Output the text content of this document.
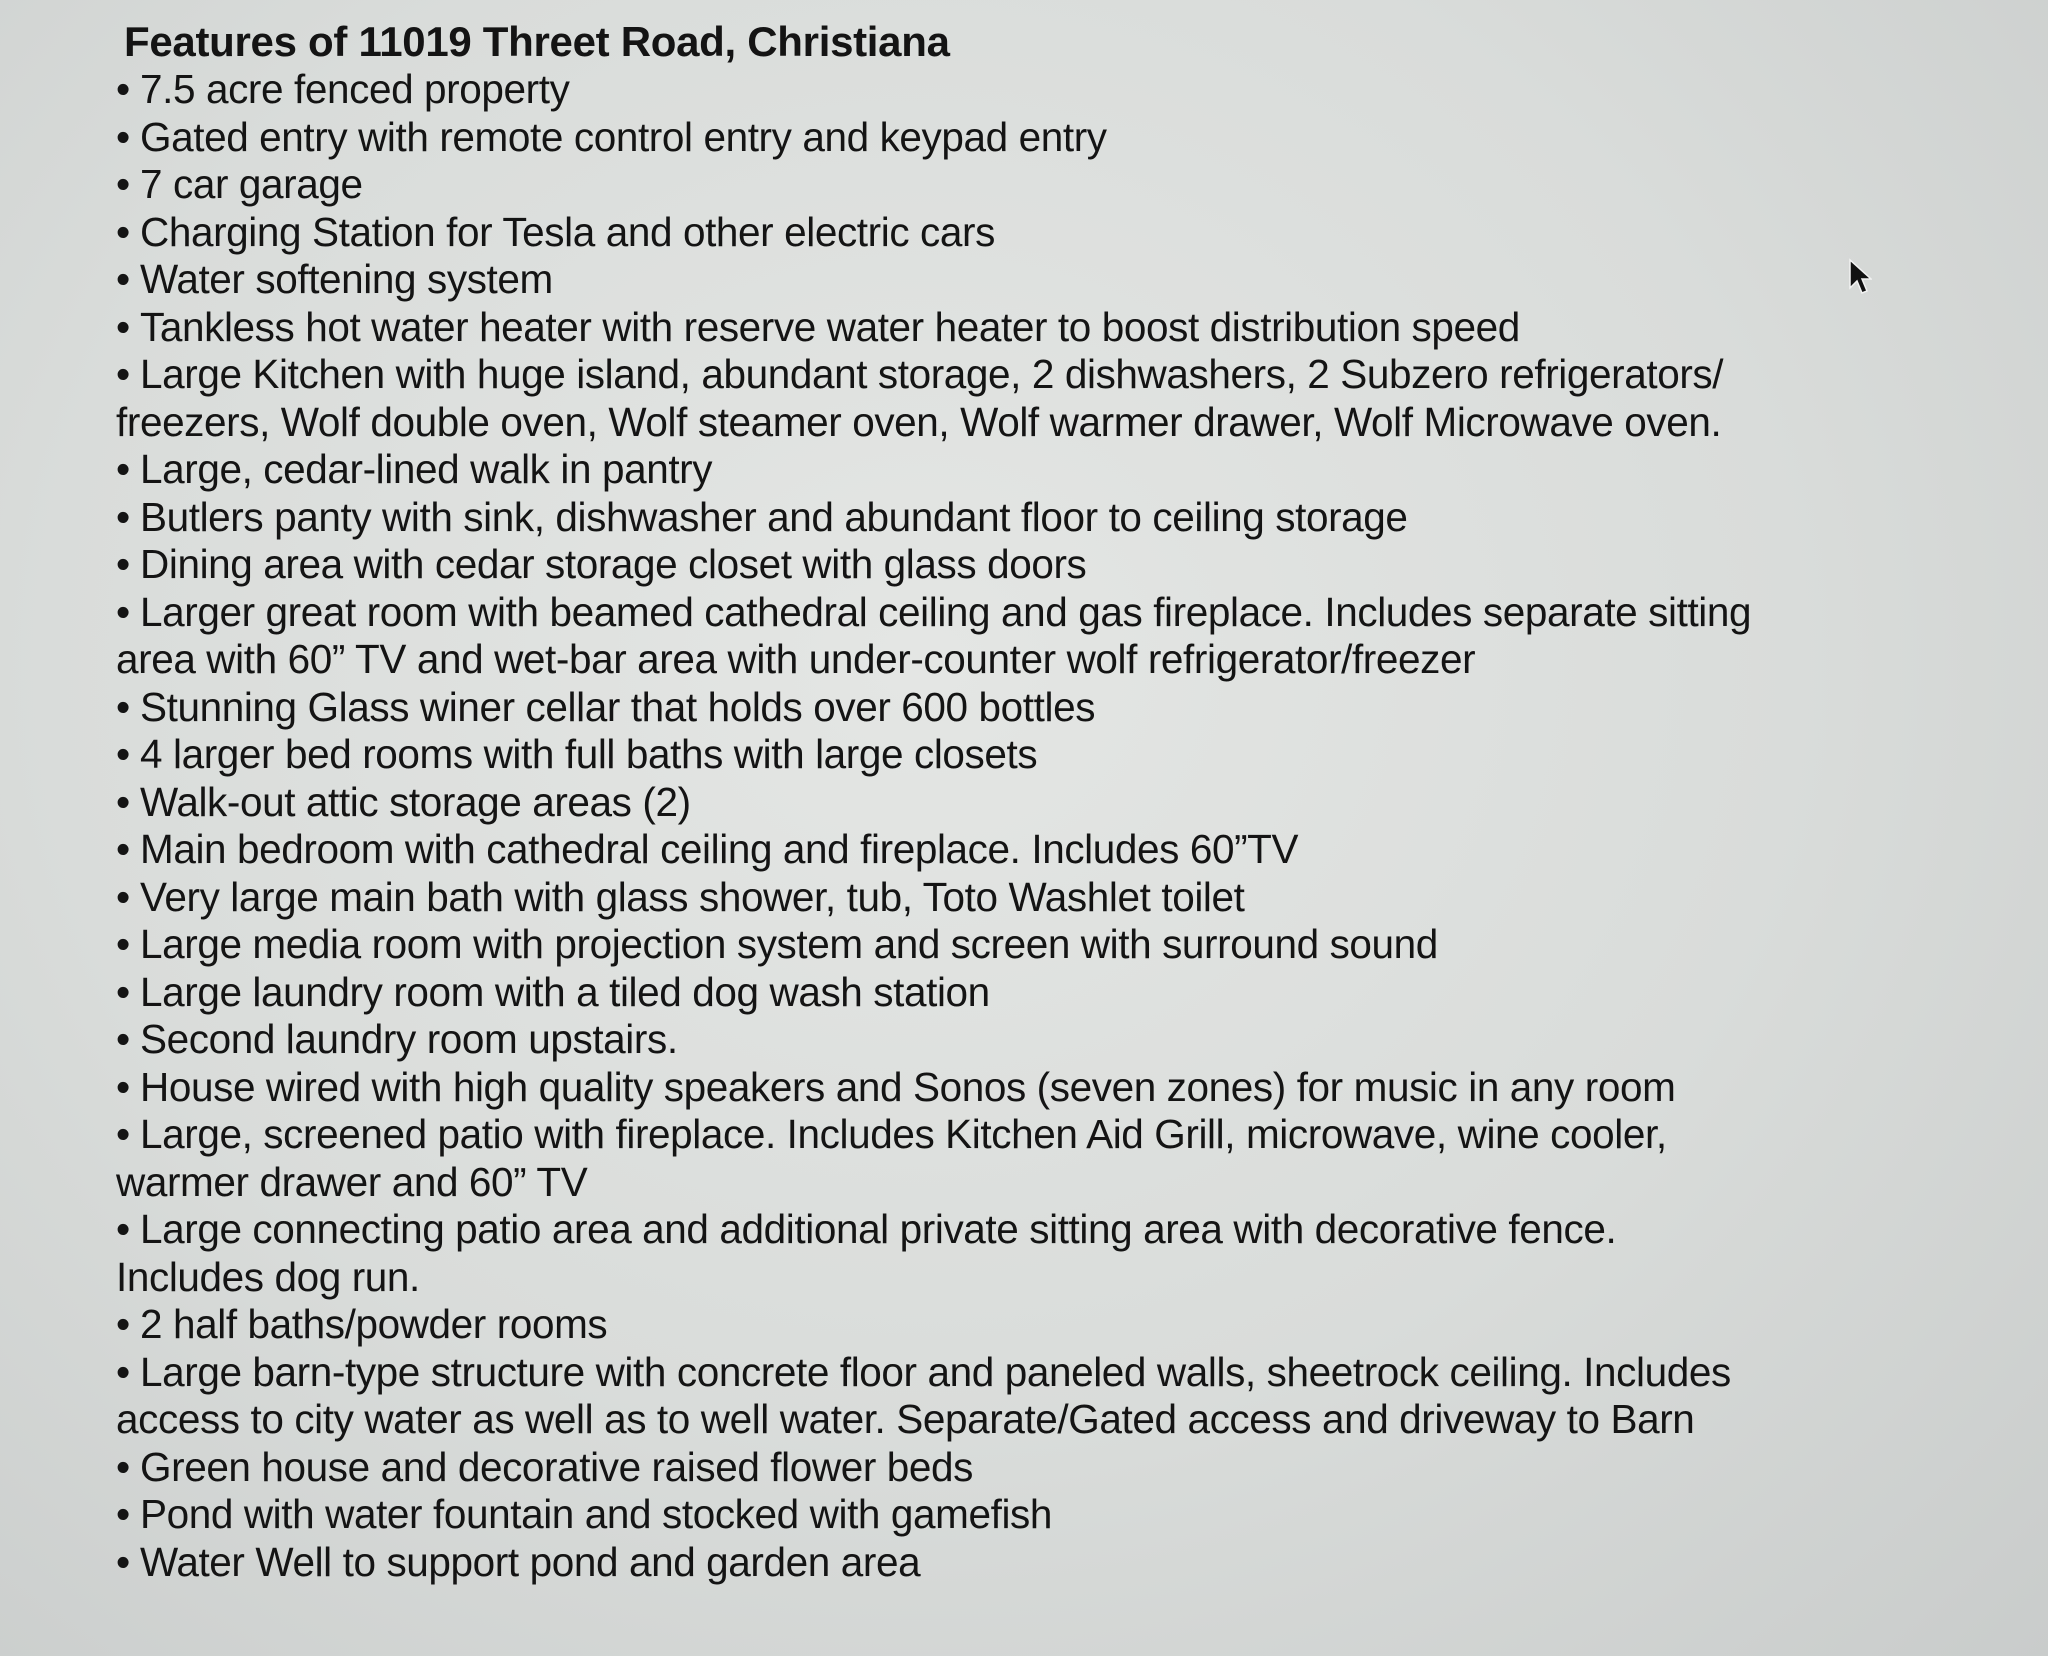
Features of 11019 Threet Road, Christiana
• 7.5 acre fenced property
• Gated entry with remote control entry and keypad entry
• 7 car garage
• Charging Station for Tesla and other electric cars
• Water softening system
• Tankless hot water heater with reserve water heater to boost distribution speed
• Large Kitchen with huge island, abundant storage, 2 dishwashers, 2 Subzero refrigerators/
freezers, Wolf double oven, Wolf steamer oven, Wolf warmer drawer, Wolf Microwave oven.
• Large, cedar-lined walk in pantry
• Butlers panty with sink, dishwasher and abundant floor to ceiling storage
• Dining area with cedar storage closet with glass doors
• Larger great room with beamed cathedral ceiling and gas fireplace. Includes separate sitting
area with 60” TV and wet-bar area with under-counter wolf refrigerator/freezer
• Stunning Glass winer cellar that holds over 600 bottles
• 4 larger bed rooms with full baths with large closets
• Walk-out attic storage areas (2)
• Main bedroom with cathedral ceiling and fireplace. Includes 60”TV
• Very large main bath with glass shower, tub, Toto Washlet toilet
• Large media room with projection system and screen with surround sound
• Large laundry room with a tiled dog wash station
• Second laundry room upstairs.
• House wired with high quality speakers and Sonos (seven zones) for music in any room
• Large, screened patio with fireplace. Includes Kitchen Aid Grill, microwave, wine cooler,
warmer drawer and 60” TV
• Large connecting patio area and additional private sitting area with decorative fence.
Includes dog run.
• 2 half baths/powder rooms
• Large barn-type structure with concrete floor and paneled walls, sheetrock ceiling. Includes
access to city water as well as to well water. Separate/Gated access and driveway to Barn
• Green house and decorative raised flower beds
• Pond with water fountain and stocked with gamefish
• Water Well to support pond and garden area
